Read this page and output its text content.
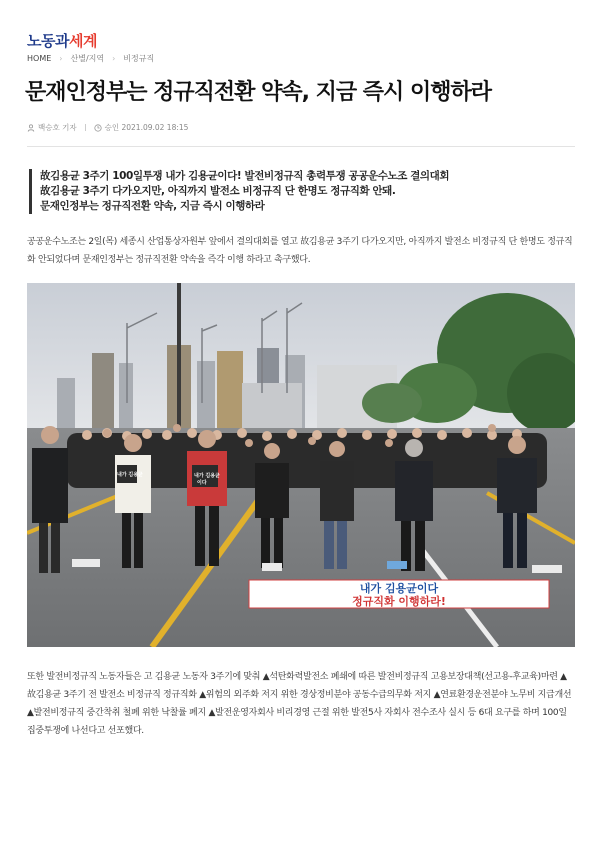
노동과세계
HOME › 산별/지역 › 비정규직
문재인정부는 정규직전환 약속, 지금 즉시 이행하라
백승호 기자	승인 2021.09.02 18:15
故김용균 3주기 100일투쟁 내가 김용균이다! 발전비정규직 총력투쟁 공공운수노조 결의대회
故김용균 3주기 다가오지만, 아직까지 발전소 비정규직 단 한명도 정규직화 안돼.
문재인정부는 정규직전환 약속, 지금 즉시 이행하라

공공운수노조는 2일(목) 세종시 산업통상자원부 앞에서 결의대회를 열고 故김용균 3주기 다가오지만, 아직까지 발전소 비정규직 단 한명도 정규직화 안되었다며 문재인정부는 정규직전환 약속을 즉각 이행 하라고 촉구했다.

내가 김용균	내가 김용균
이다
내가 김용균이다
정규직화 이행하라!

또한 발전비정규직 노동자들은 고 김용균 노동자 3주기에 맞춰 ▲석탄화력발전소 폐쇄에 따른 발전비정규직 고용보장대책(선고용-후교육)마련 ▲故김용균 3주기 전 발전소 비정규직 정규직화 ▲위험의 외주화 저지 위한 경상정비분야 공동수급의무화 저지 ▲연료환경운전분야 노무비 지급개선 ▲발전비정규직 중간착취 철폐 위한 낙찰률 폐지 ▲발전운영자회사 비리경영 근절 위한 발전5사 자회사 전수조사 실시 등 6대 요구를 하며 100일집중투쟁에 나선다고 선포했다.
